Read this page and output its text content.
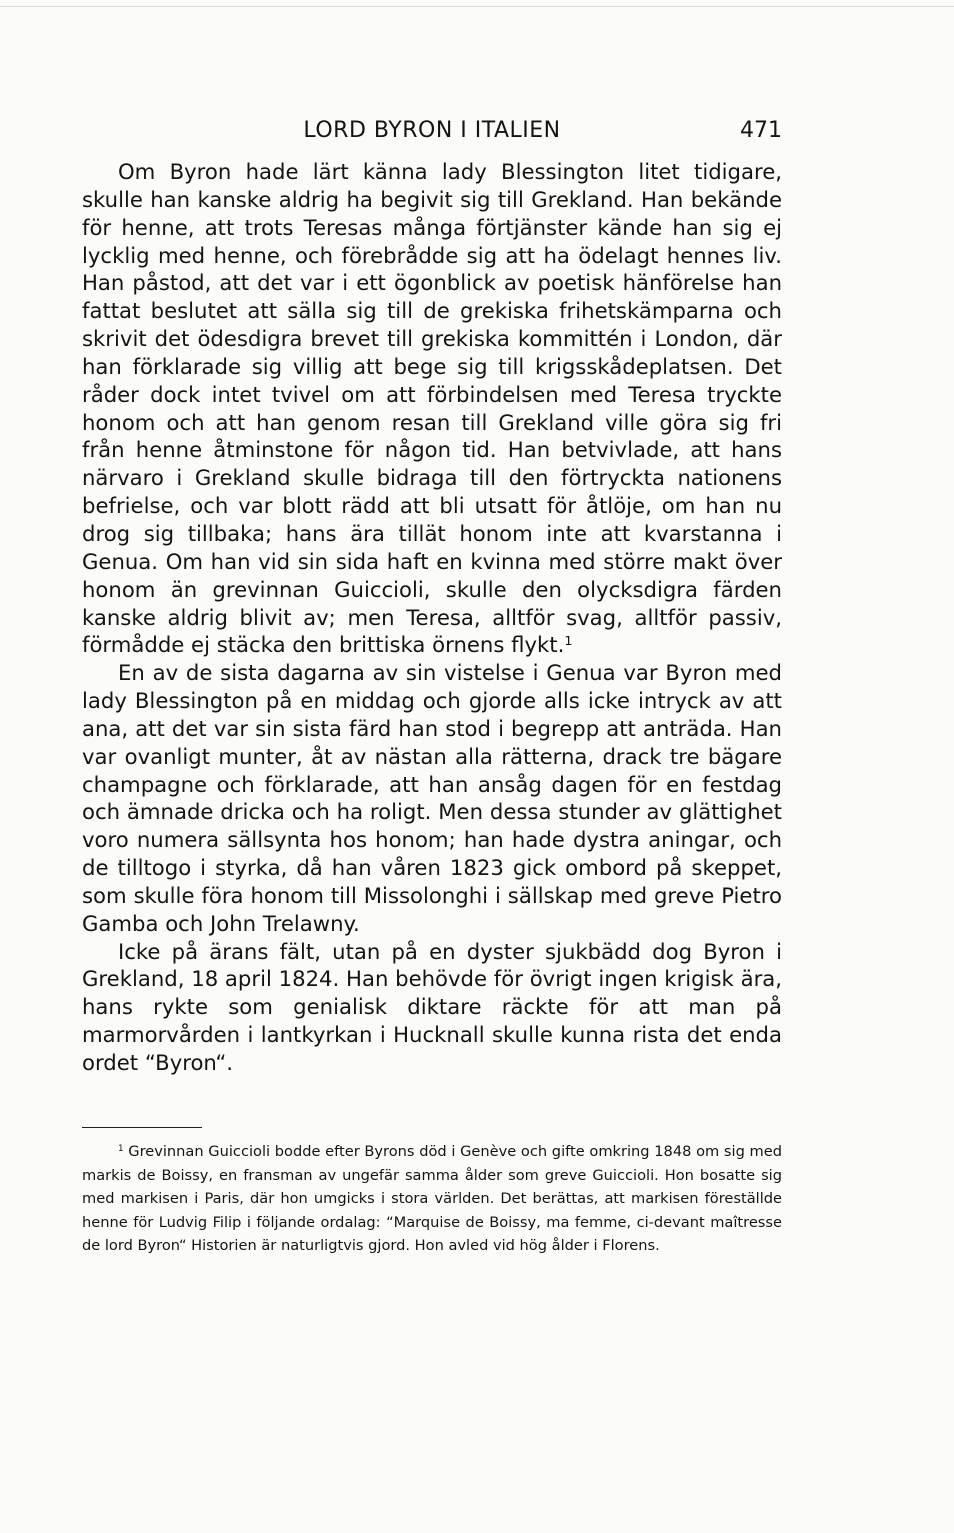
LORD BYRON I ITALIEN	471

Om Byron hade lärt känna lady Blessington litet tidigare, skulle han kanske aldrig ha begivit sig till Grekland. Han bekände för henne, att trots Teresas många förtjänster kände han sig ej lycklig med henne, och förebrådde sig att ha ödelagt hennes liv. Han påstod, att det var i ett ögonblick av poetisk hänförelse han fattat beslutet att sälla sig till de grekiska frihetskämparna och skrivit det ödesdigra brevet till grekiska kommittén i London, där han förklarade sig villig att bege sig till krigsskådeplatsen. Det råder dock intet tvivel om att förbindelsen med Teresa tryckte honom och att han genom resan till Grekland ville göra sig fri från henne åtminstone för någon tid. Han betvivlade, att hans närvaro i Grekland skulle bidraga till den förtryckta nationens befrielse, och var blott rädd att bli utsatt för åtlöje, om han nu drog sig tillbaka; hans ära tillät honom inte att kvarstanna i Genua. Om han vid sin sida haft en kvinna med större makt över honom än grevinnan Guiccioli, skulle den olycksdigra färden kanske aldrig blivit av; men Teresa, alltför svag, alltför passiv, förmådde ej stäcka den brittiska örnens flykt.$^1$

En av de sista dagarna av sin vistelse i Genua var Byron med lady Blessington på en middag och gjorde alls icke intryck av att ana, att det var sin sista färd han stod i begrepp att anträda. Han var ovanligt munter, åt av nästan alla rätterna, drack tre bägare champagne och förklarade, att han ansåg dagen för en festdag och ämnade dricka och ha roligt. Men dessa stunder av glättighet voro numera sällsynta hos honom; han hade dystra aningar, och de tilltogo i styrka, då han våren 1823 gick ombord på skeppet, som skulle föra honom till Missolonghi i sällskap med greve Pietro Gamba och John Trelawny.

Icke på ärans fält, utan på en dyster sjukbädd dog Byron i Grekland, 18 april 1824. Han behövde för övrigt ingen krigisk ära, hans rykte som genialisk diktare räckte för att man på marmorvården i lantkyrkan i Hucknall skulle kunna rista det enda ordet “Byron“.

$^1$ Grevinnan Guiccioli bodde efter Byrons död i Genève och gifte omkring 1848 om sig med markis de Boissy, en fransman av ungefär samma ålder som greve Guiccioli. Hon bosatte sig med markisen i Paris, där hon umgicks i stora världen. Det berättas, att markisen föreställde henne för Ludvig Filip i följande ordalag: “Marquise de Boissy, ma femme, ci-devant maîtresse de lord Byron“ Historien är naturligtvis gjord. Hon avled vid hög ålder i Florens.
